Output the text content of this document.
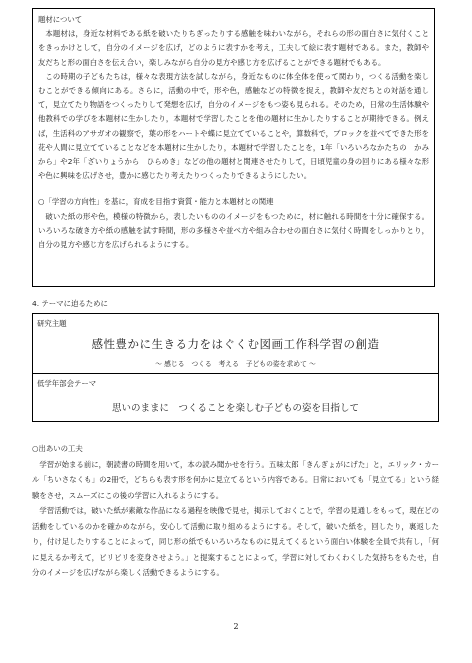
題材について

本題材は，身近な材料である紙を破いたりちぎったりする感触を味わいながら，それらの形の面白さに気付くことをきっかけとして，自分のイメージを広げ，どのように表すかを考え，工夫して絵に表す題材である。また，教師や友だちと形の面白さを伝え合い，楽しみながら自分の見方や感じ方を広げることができる題材でもある。

この時期の子どもたちは，様々な表現方法を試しながら，身近なものに体全体を使って関わり，つくる活動を楽しむことができる傾向にある。さらに，活動の中で，形や色，感触などの特徴を捉え，教師や友だちとの対話を通して，見立てたり物語をつくったりして発想を広げ，自分のイメージをもつ姿も見られる。そのため，日常の生活体験や他教科での学びを本題材に生かしたり，本題材で学習したことを他の題材に生かしたりすることが期待できる。例えば，生活科のアサガオの観察で，葉の形をハートや蝶に見立てていることや，算数科で，ブロックを並べてできた形を花や人間に見立てていることなどを本題材に生かしたり，本題材で学習したことを，1年「いろいろなかたちの　かみから」や2年「ざいりょうから　ひらめき」などの他の題材と関連させたりして，日頃児童の身の回りにある様々な形や色に興味を広げさせ，豊かに感じたり考えたりつくったりできるようにしたい。

○「学習の方向性」を基に，育成を目指す資質・能力と本題材との関連

破いた紙の形や色，模様の特徴から，表したいもののイメージをもつために，材に触れる時間を十分に確保する。いろいろな破き方や紙の感触を試す時間，形の多様さや並べ方や組み合わせの面白さに気付く時間をしっかりとり，自分の見方や感じ方を広げられるようにする。

4. テーマに迫るために
研究主題
感性豊かに生きる力をはぐくむ図画工作科学習の創造
～ 感じる　つくる　考える　子どもの姿を求めて ～
低学年部会テーマ
思いのままに　つくることを楽しむ子どもの姿を目指して

○出あいの工夫

学習が始まる前に，朝読書の時間を用いて，本の読み聞かせを行う。五味太郎「きんぎょがにげた」と，エリック・カール「ちいさなくも」の2冊で，どちらも表す形を何かに見立てるという内容である。日常においても「見立てる」という経験をさせ，スムーズにこの後の学習に入れるようにする。

学習活動では，破いた紙が素敵な作品になる過程を映像で見せ，掲示しておくことで，学習の見通しをもって，現在どの活動をしているのかを確かめながら，安心して活動に取り組めるようにする。そして，破いた紙を，回したり，裏返したり，付け足したりすることによって，同じ形の紙でもいろいろなものに見えてくるという面白い体験を全員で共有し，「何に見えるか考えて，ビリビリを変身させよう。」と提案することによって，学習に対してわくわくした気持ちをもたせ，自分のイメージを広げながら楽しく活動できるようにする。

2
